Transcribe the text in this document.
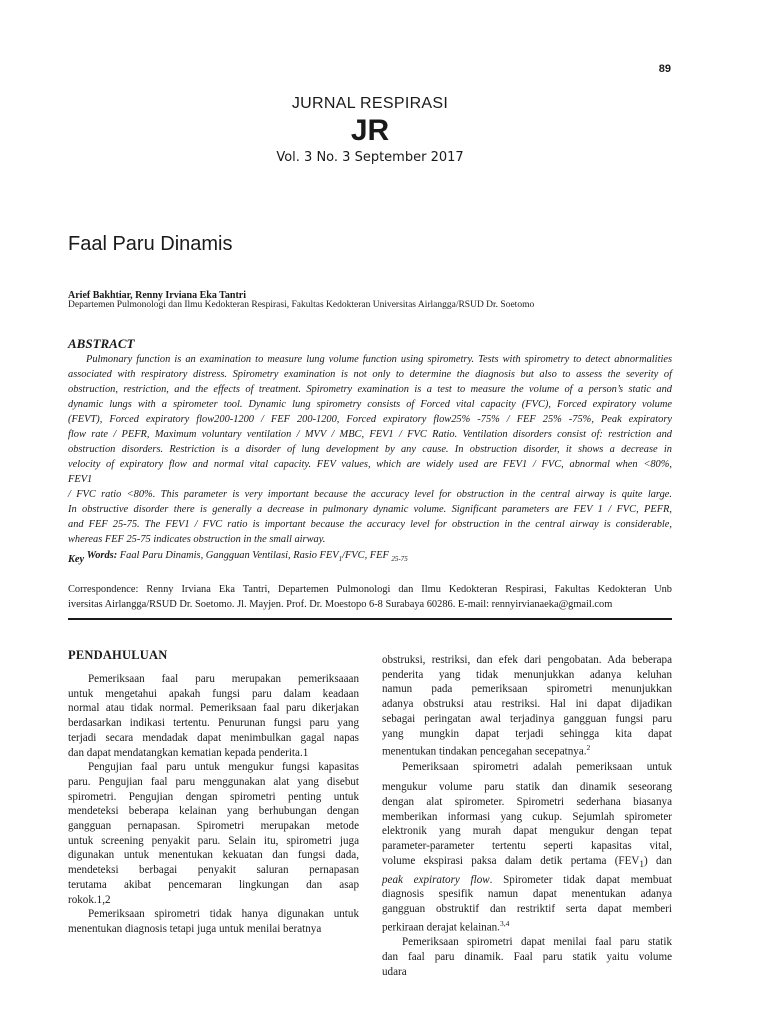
89
JURNAL RESPIRASI
JR
Vol. 3 No. 3 September 2017
Faal Paru Dinamis
Arief Bakhtiar, Renny Irviana Eka Tantri
Departemen Pulmonologi dan Ilmu Kedokteran Respirasi, Fakultas Kedokteran Universitas Airlangga/RSUD Dr. Soetomo
ABSTRACT
Pulmonary function is an examination to measure lung volume function using spirometry. Tests with spirometry to detect abnormalities
associated with respiratory distress. Spirometry examination is not only to determine the diagnosis but also to assess the severity of
obstruction, restriction, and the effects of treatment. Spirometry examination is a test to measure the volume of a person’s static and
dynamic lungs with a spirometer tool. Dynamic lung spirometry consists of Forced vital capacity (FVC), Forced expiratory volume
(FEVT), Forced expiratory flow200-1200 / FEF 200-1200, Forced expiratory flow25% -75% / FEF 25% -75%, Peak expiratory
flow rate / PEFR, Maximum voluntary ventilation / MVV / MBC, FEV1 / FVC Ratio. Ventilation disorders consist of: restriction and
obstruction disorders. Restriction is a disorder of lung development by any cause. In obstruction disorder, it shows a decrease in
velocity of expiratory flow and normal vital capacity. FEV values, which are widely used are FEV1 / FVC, abnormal when <80%,
FEV1
/ FVC ratio <80%. This parameter is very important because the accuracy level for obstruction in the central airway is quite large.
In obstructive disorder there is generally a decrease in pulmonary dynamic volume. Significant parameters are FEV 1 / FVC, PEFR,
and FEF 25-75. The FEV1 / FVC ratio is important because the accuracy level for obstruction in the central airway is considerable,
whereas FEF 25-75 indicates obstruction in the small airway.
Key Words: Faal Paru Dinamis, Gangguan Ventilasi, Rasio $FEV_1$/FVC, FEF $_{25-75}$
Correspondence: Renny Irviana Eka Tantri, Departemen Pulmonologi dan Ilmu Kedokteran Respirasi, Fakultas Kedokteran Unb
iversitas Airlangga/RSUD Dr. Soetomo. Jl. Mayjen. Prof. Dr. Moestopo 6-8 Surabaya 60286. E-mail: rennyirvianaeka@gmail.com
PENDAHULUAN
Pemeriksaan faal paru merupakan pemeriksaaan
untuk mengetahui apakah fungsi paru dalam keadaan
normal atau tidak normal. Pemeriksaan faal paru dikerjakan
berdasarkan indikasi tertentu. Penurunan fungsi paru yang
terjadi secara mendadak dapat menimbulkan gagal napas
dan dapat mendatangkan kematian kepada penderita.1
Pengujian faal paru untuk mengukur fungsi kapasitas
paru. Pengujian faal paru menggunakan alat yang disebut
spirometri. Pengujian dengan spirometri penting untuk
mendeteksi beberapa kelainan yang berhubungan dengan
gangguan pernapasan. Spirometri merupakan metode
untuk screening penyakit paru. Selain itu, spirometri juga
digunakan untuk menentukan kekuatan dan fungsi dada,
mendeteksi berbagai penyakit saluran pernapasan
terutama akibat pencemaran lingkungan dan asap
rokok.1,2
Pemeriksaan spirometri tidak hanya digunakan untuk
menentukan diagnosis tetapi juga untuk menilai beratnya
obstruksi, restriksi, dan efek dari pengobatan. Ada beberapa
penderita yang tidak menunjukkan adanya keluhan
namun pada pemeriksaan spirometri menunjukkan
adanya obstruksi atau restriksi. Hal ini dapat dijadikan
sebagai peringatan awal terjadinya gangguan fungsi paru
yang mungkin dapat terjadi sehingga kita dapat
menentukan tindakan pencegahan secepatnya.$^2$
Pemeriksaan spirometri adalah pemeriksaan untuk
mengukur volume paru statik dan dinamik seseorang
dengan alat spirometer. Spirometri sederhana biasanya
memberikan informasi yang cukup. Sejumlah spirometer
elektronik yang murah dapat mengukur dengan tepat
parameter-parameter tertentu seperti kapasitas vital,
volume ekspirasi paksa dalam detik pertama $(FEV_1)$ dan
peak expiratory flow. Spirometer tidak dapat membuat
diagnosis spesifik namun dapat menentukan adanya
gangguan obstruktif dan restriktif serta dapat memberi
perkiraan derajat kelainan.$^{3,4}$
Pemeriksaan spirometri dapat menilai faal paru statik
dan faal paru dinamik. Faal paru statik yaitu volume
udara
